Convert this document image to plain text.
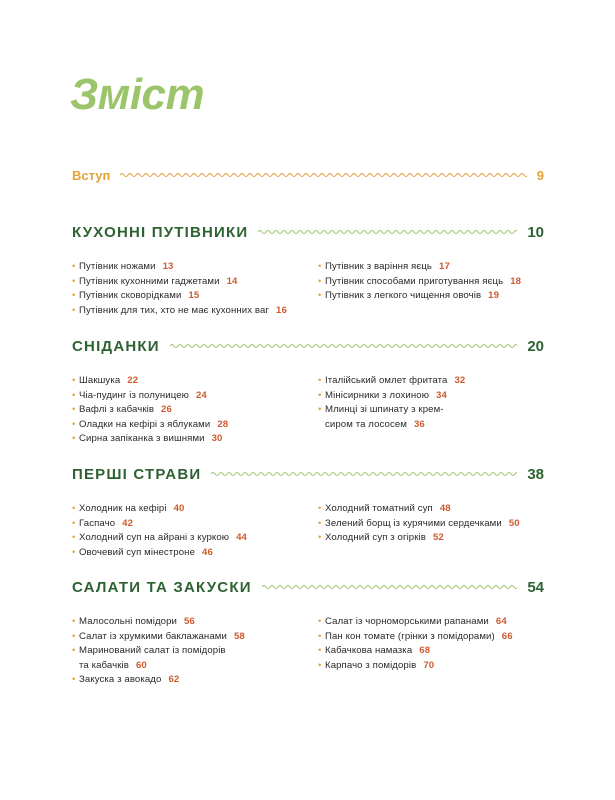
Зміст
Вступ	9
КУХОННІ ПУТІВНИКИ	10
• Путівник ножами 13
• Путівник кухонними гаджетами 14
• Путівник сковорідками 15
• Путівник для тих, хто не має кухонних ваг 16
• Путівник з варіння яєць 17
• Путівник способами приготування яєць 18
• Путівник з легкого чищення овочів 19
СНІДАНКИ	20
• Шакшука 22
• Чіа-пудинг із полуницею 24
• Вафлі з кабачків 26
• Оладки на кефірі з яблуками 28
• Сирна запіканка з вишнями 30
• Італійський омлет фритата 32
• Мінісирники з лохиною 34
• Млинці зі шпинату з крем-
сиром та лососем 36
ПЕРШІ СТРАВИ	38
• Холодник на кефірі 40
• Гаспачо 42
• Холодний суп на айрані з куркою 44
• Овочевий суп мінестроне 46
• Холодний томатний суп 48
• Зелений борщ із курячими сердечками 50
• Холодний суп з огірків 52
САЛАТИ ТА ЗАКУСКИ	54
• Малосольні помідори 56
• Салат із хрумкими баклажанами 58
• Маринований салат із помідорів
та кабачків 60
• Закуска з авокадо 62
• Салат із чорноморськими рапанами 64
• Пан кон томате (грінки з помідорами) 66
• Кабачкова намазка 68
• Карпачо з помідорів 70
